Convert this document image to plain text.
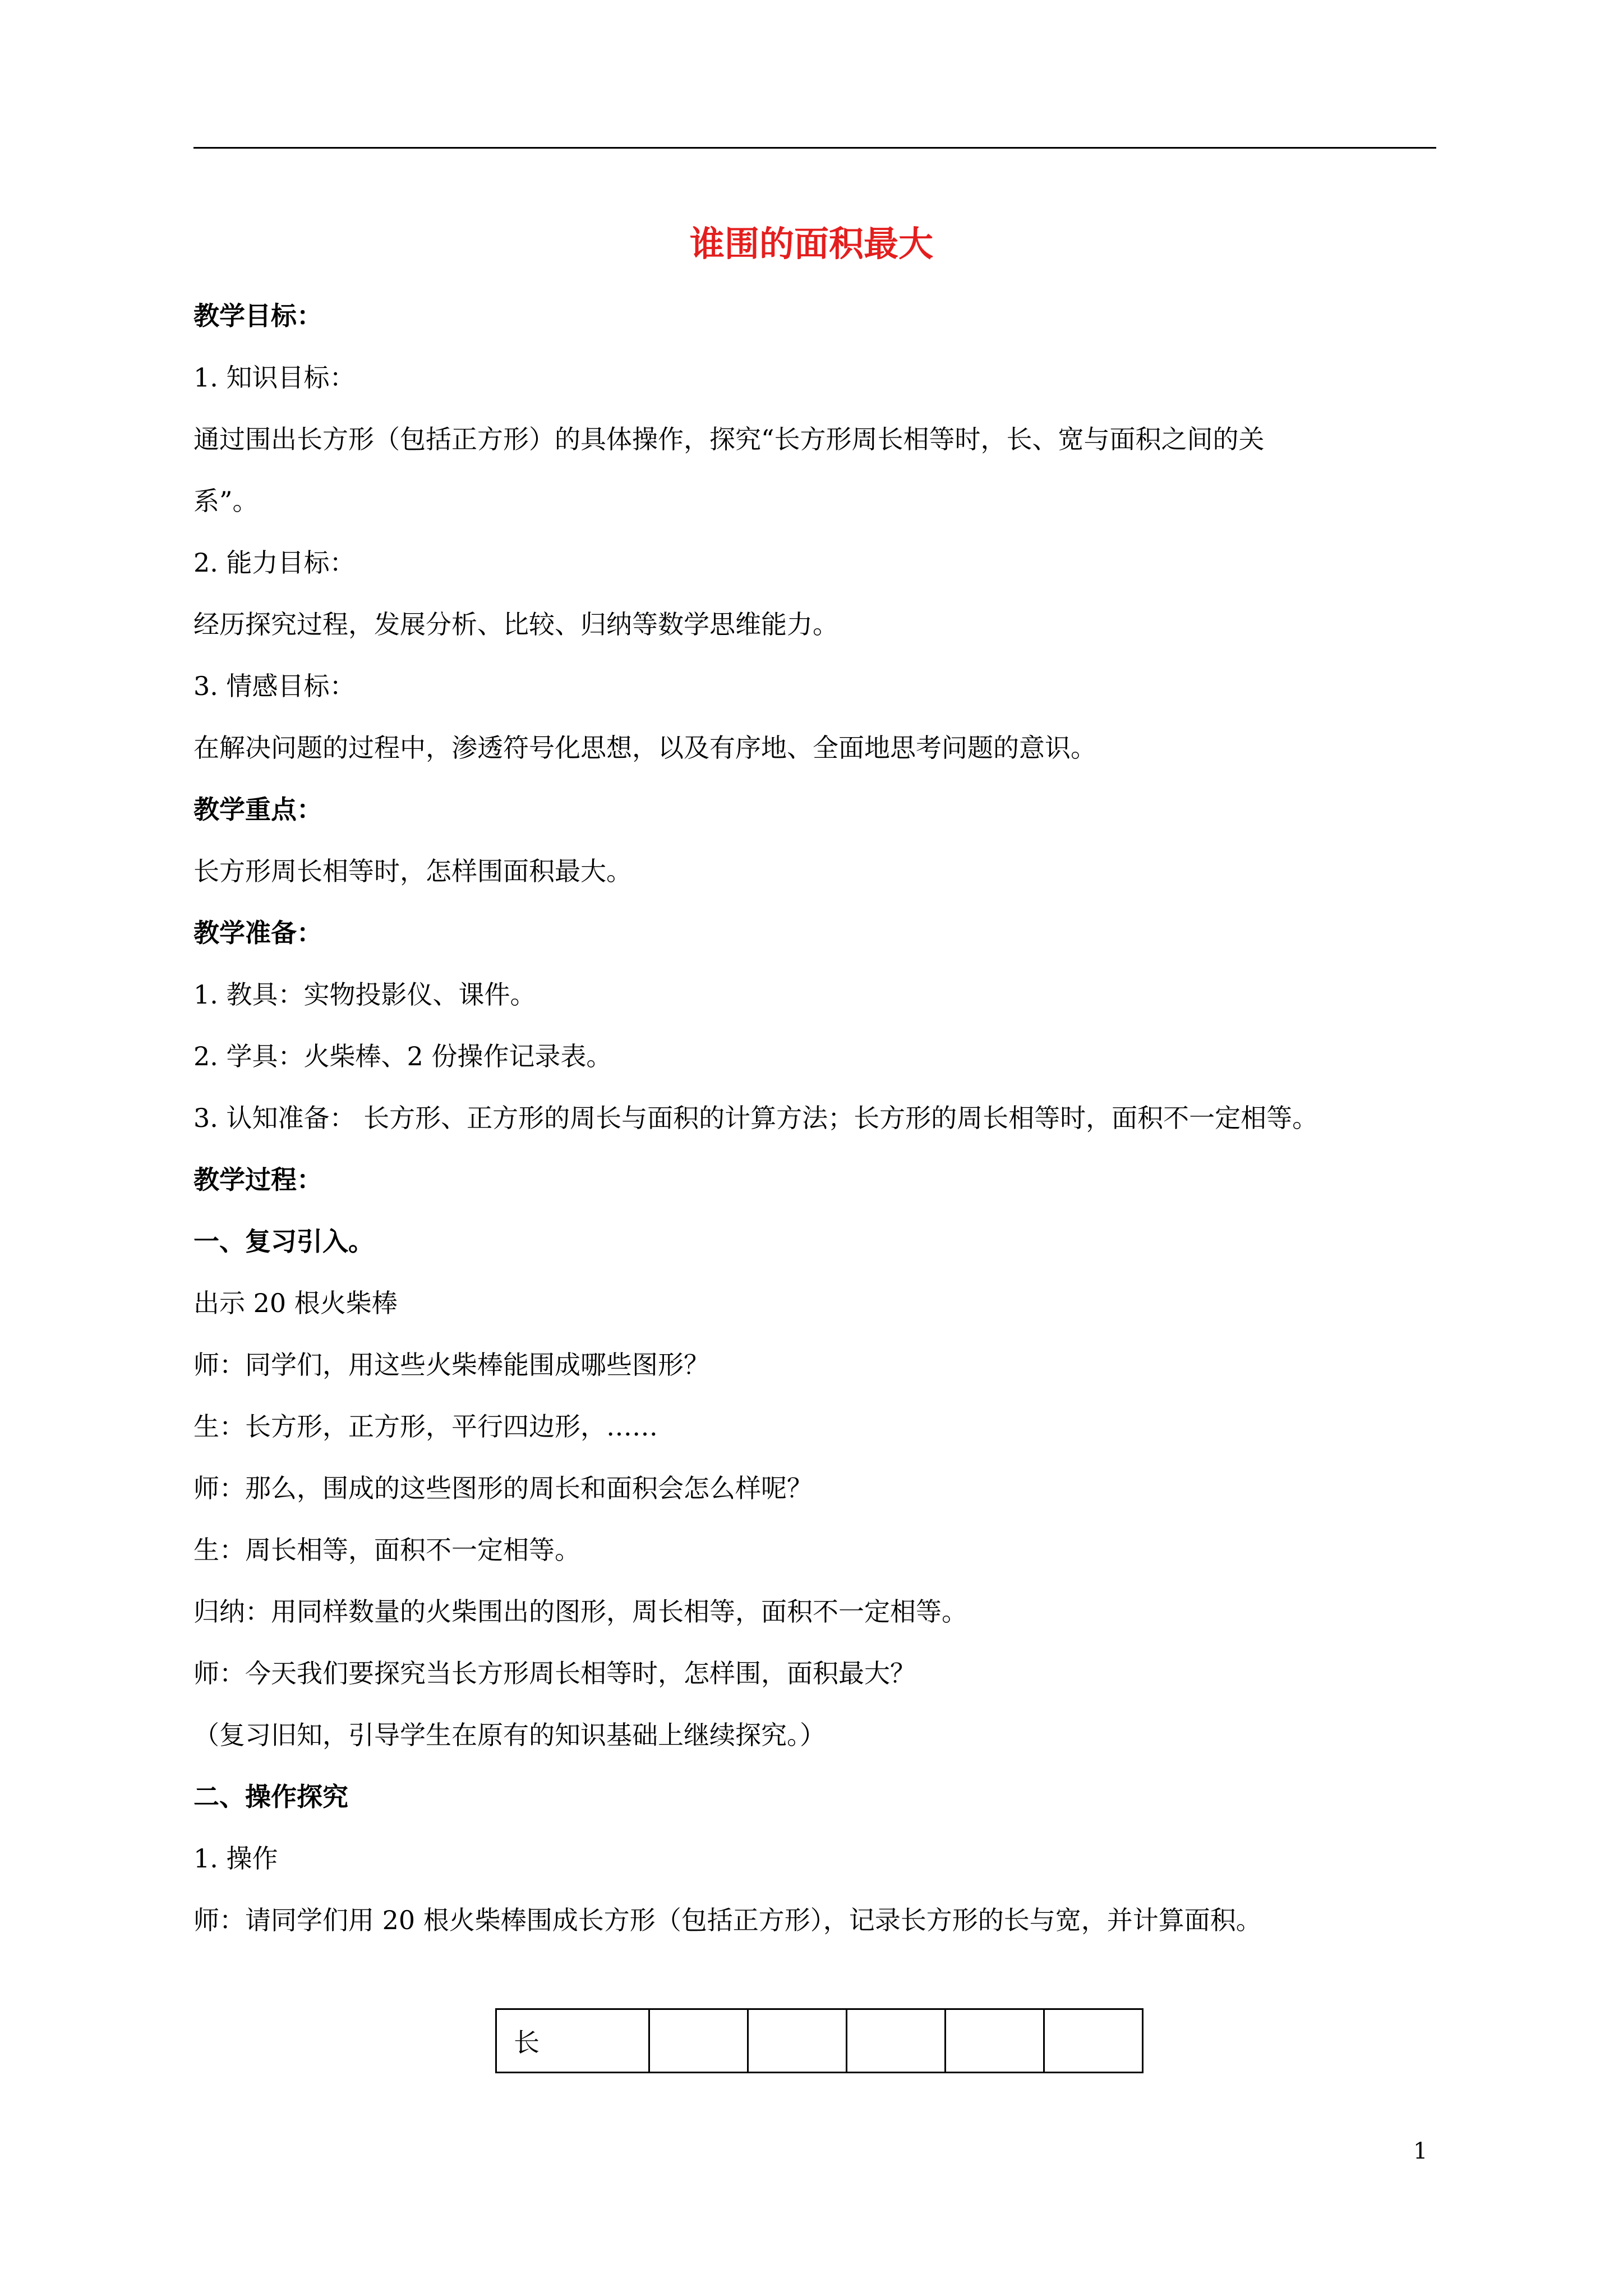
谁围的面积最大
教学目标：
1. 知识目标：
通过围出长方形（包括正方形）的具体操作，探究“长方形周长相等时，长、宽与面积之间的关
系”。
2. 能力目标：
经历探究过程，发展分析、比较、归纳等数学思维能力。
3. 情感目标：
在解决问题的过程中，渗透符号化思想，以及有序地、全面地思考问题的意识。
教学重点：
长方形周长相等时，怎样围面积最大。
教学准备：
1. 教具：实物投影仪、课件。
2. 学具：火柴棒、2 份操作记录表。
3. 认知准备： 长方形、正方形的周长与面积的计算方法；长方形的周长相等时，面积不一定相等。
教学过程：
一、复习引入。
出示 20 根火柴棒
师：同学们，用这些火柴棒能围成哪些图形？
生：长方形，正方形，平行四边形，……
师：那么，围成的这些图形的周长和面积会怎么样呢？
生：周长相等，面积不一定相等。
归纳：用同样数量的火柴围出的图形，周长相等，面积不一定相等。
师：今天我们要探究当长方形周长相等时，怎样围，面积最大？
（复习旧知，引导学生在原有的知识基础上继续探究。）
二、操作探究
1. 操作
师：请同学们用 20 根火柴棒围成长方形（包括正方形），记录长方形的长与宽，并计算面积。
长					
1
